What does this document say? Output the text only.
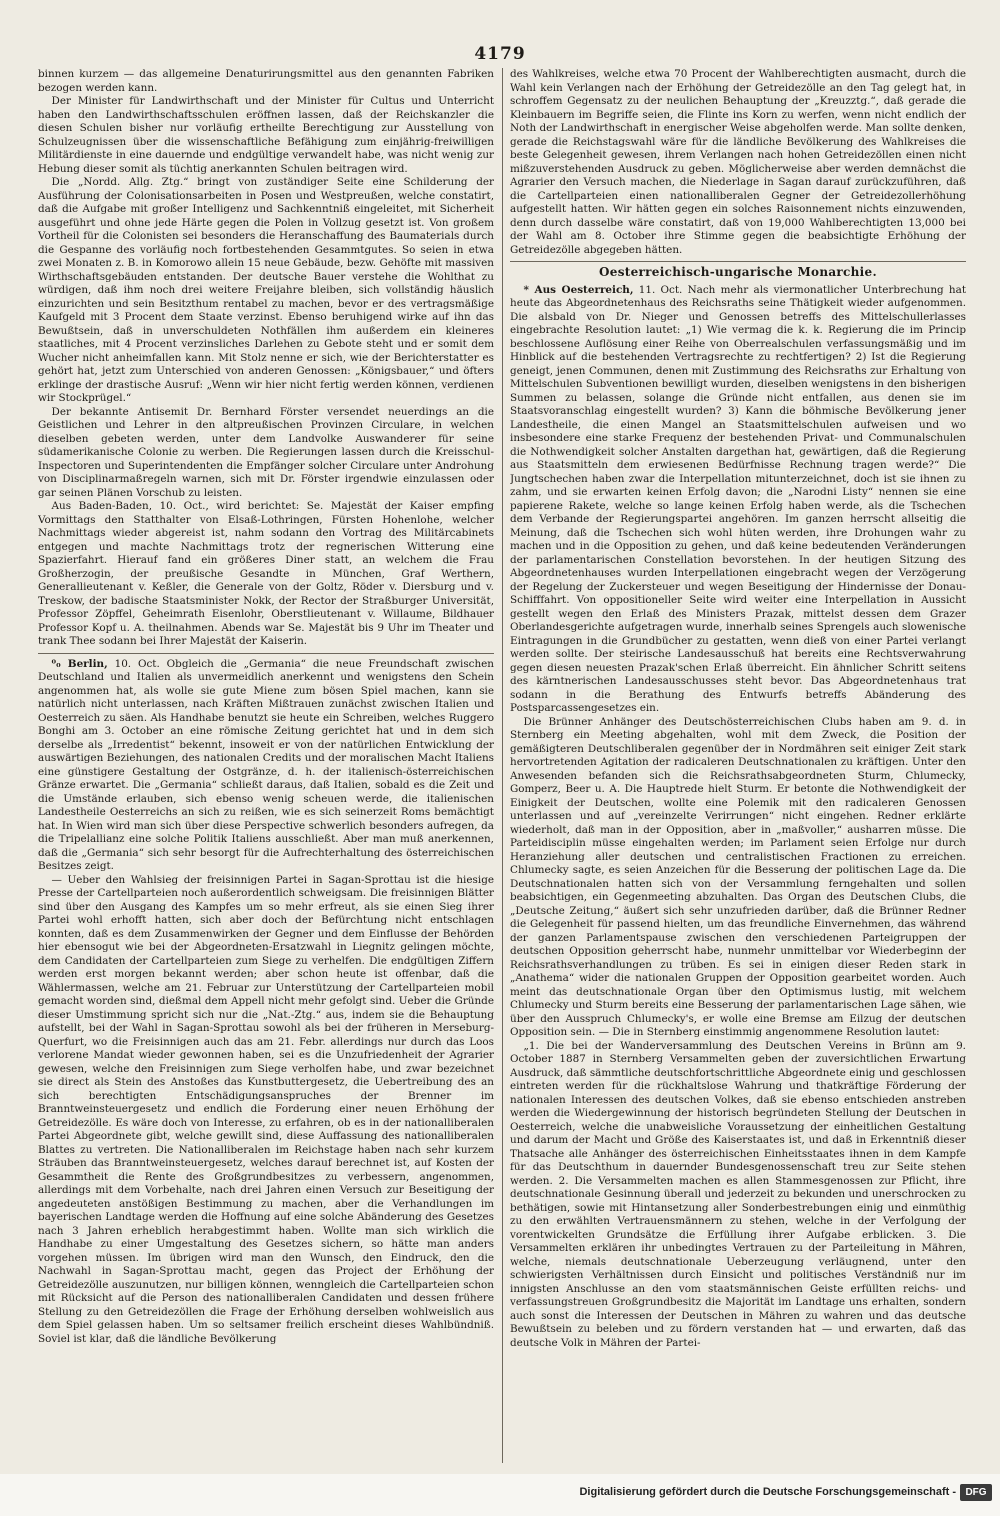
4179

binnen kurzem — das allgemeine Denaturirungsmittel aus den genannten Fabriken bezogen werden kann.

Der Minister für Landwirthschaft und der Minister für Cultus und Unterricht haben den Landwirthschaftsschulen eröffnen lassen, daß der Reichskanzler die diesen Schulen bisher nur vorläufig ertheilte Berechtigung zur Ausstellung von Schulzeugnissen über die wissenschaftliche Befähigung zum einjährig-freiwilligen Militärdienste in eine dauernde und endgültige verwandelt habe, was nicht wenig zur Hebung dieser somit als tüchtig anerkannten Schulen beitragen wird.

Die „Nordd. Allg. Ztg.“ bringt von zuständiger Seite eine Schilderung der Ausführung der Colonisationsarbeiten in Posen und Westpreußen, welche constatirt, daß die Aufgabe mit großer Intelligenz und Sachkenntniß eingeleitet, mit Sicherheit ausgeführt und ohne jede Härte gegen die Polen in Vollzug gesetzt ist. Von großem Vortheil für die Colonisten sei besonders die Heranschaffung des Baumaterials durch die Gespanne des vorläufig noch fortbestehenden Gesammtgutes. So seien in etwa zwei Monaten z. B. in Komorowo allein 15 neue Gebäude, bezw. Gehöfte mit massiven Wirthschaftsgebäuden entstanden. Der deutsche Bauer verstehe die Wohlthat zu würdigen, daß ihm noch drei weitere Freijahre bleiben, sich vollständig häuslich einzurichten und sein Besitzthum rentabel zu machen, bevor er des vertragsmäßige Kaufgeld mit 3 Procent dem Staate verzinst. Ebenso beruhigend wirke auf ihn das Bewußtsein, daß in unverschuldeten Nothfällen ihm außerdem ein kleineres staatliches, mit 4 Procent verzinsliches Darlehen zu Gebote steht und er somit dem Wucher nicht anheimfallen kann. Mit Stolz nenne er sich, wie der Berichterstatter es gehört hat, jetzt zum Unterschied von anderen Genossen: „Königsbauer,“ und öfters erklinge der drastische Ausruf: „Wenn wir hier nicht fertig werden können, verdienen wir Stockprügel.“

Der bekannte Antisemit Dr. Bernhard Förster versendet neuerdings an die Geistlichen und Lehrer in den altpreußischen Provinzen Circulare, in welchen dieselben gebeten werden, unter dem Landvolke Auswanderer für seine südamerikanische Colonie zu werben. Die Regierungen lassen durch die Kreisschul-Inspectoren und Superintendenten die Empfänger solcher Circulare unter Androhung von Disciplinarmaßregeln warnen, sich mit Dr. Förster irgendwie einzulassen oder gar seinen Plänen Vorschub zu leisten.

Aus Baden-Baden, 10. Oct., wird berichtet: Se. Majestät der Kaiser empfing Vormittags den Statthalter von Elsaß-Lothringen, Fürsten Hohenlohe, welcher Nachmittags wieder abgereist ist, nahm sodann den Vortrag des Militärcabinets entgegen und machte Nachmittags trotz der regnerischen Witterung eine Spazierfahrt. Hierauf fand ein größeres Diner statt, an welchem die Frau Großherzogin, der preußische Gesandte in München, Graf Werthern, Generallieutenant v. Keßler, die Generale von der Goltz, Röder v. Diersburg und v. Treskow, der badische Staatsminister Nokk, der Rector der Straßburger Universität, Professor Zöpffel, Geheimrath Eisenlohr, Oberstlieutenant v. Willaume, Bildhauer Professor Kopf u. A. theilnahmen. Abends war Se. Majestät bis 9 Uhr im Theater und trank Thee sodann bei Ihrer Majestät der Kaiserin.

⁰₀ Berlin, 10. Oct. Obgleich die „Germania“ die neue Freundschaft zwischen Deutschland und Italien als unvermeidlich anerkennt und wenigstens den Schein angenommen hat, als wolle sie gute Miene zum bösen Spiel machen, kann sie natürlich nicht unterlassen, nach Kräften Mißtrauen zunächst zwischen Italien und Oesterreich zu säen. Als Handhabe benutzt sie heute ein Schreiben, welches Ruggero Bonghi am 3. October an eine römische Zeitung gerichtet hat und in dem sich derselbe als „Irredentist“ bekennt, insoweit er von der natürlichen Entwicklung der auswärtigen Beziehungen, des nationalen Credits und der moralischen Macht Italiens eine günstigere Gestaltung der Ostgränze, d. h. der italienisch-österreichischen Gränze erwartet. Die „Germania“ schließt daraus, daß Italien, sobald es die Zeit und die Umstände erlauben, sich ebenso wenig scheuen werde, die italienischen Landestheile Oesterreichs an sich zu reißen, wie es sich seinerzeit Roms bemächtigt hat. In Wien wird man sich über diese Perspective schwerlich besonders aufregen, da die Tripelallianz eine solche Politik Italiens ausschließt. Aber man muß anerkennen, daß die „Germania“ sich sehr besorgt für die Aufrechterhaltung des österreichischen Besitzes zeigt.

— Ueber den Wahlsieg der freisinnigen Partei in Sagan-Sprottau ist die hiesige Presse der Cartellparteien noch außerordentlich schweigsam. Die freisinnigen Blätter sind über den Ausgang des Kampfes um so mehr erfreut, als sie einen Sieg ihrer Partei wohl erhofft hatten, sich aber doch der Befürchtung nicht entschlagen konnten, daß es dem Zusammenwirken der Gegner und dem Einflusse der Behörden hier ebensogut wie bei der Abgeordneten-Ersatzwahl in Liegnitz gelingen möchte, dem Candidaten der Cartellparteien zum Siege zu verhelfen. Die endgültigen Ziffern werden erst morgen bekannt werden; aber schon heute ist offenbar, daß die Wählermassen, welche am 21. Februar zur Unterstützung der Cartellparteien mobil gemacht worden sind, dießmal dem Appell nicht mehr gefolgt sind. Ueber die Gründe dieser Umstimmung spricht sich nur die „Nat.-Ztg.“ aus, indem sie die Behauptung aufstellt, bei der Wahl in Sagan-Sprottau sowohl als bei der früheren in Merseburg-Querfurt, wo die Freisinnigen auch das am 21. Febr. allerdings nur durch das Loos verlorene Mandat wieder gewonnen haben, sei es die Unzufriedenheit der Agrarier gewesen, welche den Freisinnigen zum Siege verholfen habe, und zwar bezeichnet sie direct als Stein des Anstoßes das Kunstbuttergesetz, die Uebertreibung des an sich berechtigten Entschädigungsanspruches der Brenner im Branntweinsteuergesetz und endlich die Forderung einer neuen Erhöhung der Getreidezölle. Es wäre doch von Interesse, zu erfahren, ob es in der nationalliberalen Partei Abgeordnete gibt, welche gewillt sind, diese Auffassung des nationalliberalen Blattes zu vertreten. Die Nationalliberalen im Reichstage haben nach sehr kurzem Sträuben das Branntweinsteuergesetz, welches darauf berechnet ist, auf Kosten der Gesammtheit die Rente des Großgrundbesitzes zu verbessern, angenommen, allerdings mit dem Vorbehalte, nach drei Jahren einen Versuch zur Beseitigung der angedeuteten anstößigen Bestimmung zu machen, aber die Verhandlungen im bayerischen Landtage werden die Hoffnung auf eine solche Abänderung des Gesetzes nach 3 Jahren erheblich herabgestimmt haben. Wollte man sich wirklich die Handhabe zu einer Umgestaltung des Gesetzes sichern, so hätte man anders vorgehen müssen. Im übrigen wird man den Wunsch, den Eindruck, den die Nachwahl in Sagan-Sprottau macht, gegen das Project der Erhöhung der Getreidezölle auszunutzen, nur billigen können, wenngleich die Cartellparteien schon mit Rücksicht auf die Person des nationalliberalen Candidaten und dessen frühere Stellung zu den Getreidezöllen die Frage der Erhöhung derselben wohlweislich aus dem Spiel gelassen haben. Um so seltsamer freilich erscheint dieses Wahlbündniß. Soviel ist klar, daß die ländliche Bevölkerung

des Wahlkreises, welche etwa 70 Procent der Wahlberechtigten ausmacht, durch die Wahl kein Verlangen nach der Erhöhung der Getreidezölle an den Tag gelegt hat, in schroffem Gegensatz zu der neulichen Behauptung der „Kreuzztg.“, daß gerade die Kleinbauern im Begriffe seien, die Flinte ins Korn zu werfen, wenn nicht endlich der Noth der Landwirthschaft in energischer Weise abgeholfen werde. Man sollte denken, gerade die Reichstagswahl wäre für die ländliche Bevölkerung des Wahlkreises die beste Gelegenheit gewesen, ihrem Verlangen nach hohen Getreidezöllen einen nicht mißzuverstehenden Ausdruck zu geben. Möglicherweise aber werden demnächst die Agrarier den Versuch machen, die Niederlage in Sagan darauf zurückzuführen, daß die Cartellparteien einen nationalliberalen Gegner der Getreidezollerhöhung aufgestellt hatten. Wir hätten gegen ein solches Raisonnement nichts einzuwenden, denn durch dasselbe wäre constatirt, daß von 19,000 Wahlberechtigten 13,000 bei der Wahl am 8. October ihre Stimme gegen die beabsichtigte Erhöhung der Getreidezölle abgegeben hätten.

Oesterreichisch-ungarische Monarchie.

* Aus Oesterreich, 11. Oct. Nach mehr als viermonatlicher Unterbrechung hat heute das Abgeordnetenhaus des Reichsraths seine Thätigkeit wieder aufgenommen. Die alsbald von Dr. Nieger und Genossen betreffs des Mittelschullerlasses eingebrachte Resolution lautet: „1) Wie vermag die k. k. Regierung die im Princip beschlossene Auflösung einer Reihe von Oberrealschulen verfassungsmäßig und im Hinblick auf die bestehenden Vertragsrechte zu rechtfertigen? 2) Ist die Regierung geneigt, jenen Communen, denen mit Zustimmung des Reichsraths zur Erhaltung von Mittelschulen Subventionen bewilligt wurden, dieselben wenigstens in den bisherigen Summen zu belassen, solange die Gründe nicht entfallen, aus denen sie im Staatsvoranschlag eingestellt wurden? 3) Kann die böhmische Bevölkerung jener Landestheile, die einen Mangel an Staatsmittelschulen aufweisen und wo insbesondere eine starke Frequenz der bestehenden Privat- und Communalschulen die Nothwendigkeit solcher Anstalten dargethan hat, gewärtigen, daß die Regierung aus Staatsmitteln dem erwiesenen Bedürfnisse Rechnung tragen werde?“ Die Jungtschechen haben zwar die Interpellation mitunterzeichnet, doch ist sie ihnen zu zahm, und sie erwarten keinen Erfolg davon; die „Narodni Listy“ nennen sie eine papierene Rakete, welche so lange keinen Erfolg haben werde, als die Tschechen dem Verbande der Regierungspartei angehören. Im ganzen herrscht allseitig die Meinung, daß die Tschechen sich wohl hüten werden, ihre Drohungen wahr zu machen und in die Opposition zu gehen, und daß keine bedeutenden Veränderungen der parlamentarischen Constellation bevorstehen. In der heutigen Sitzung des Abgeordnetenhauses wurden Interpellationen eingebracht wegen der Verzögerung der Regelung der Zuckersteuer und wegen Beseitigung der Hindernisse der Donau-Schifffahrt. Von oppositioneller Seite wird weiter eine Interpellation in Aussicht gestellt wegen den Erlaß des Ministers Prazak, mittelst dessen dem Grazer Oberlandesgerichte aufgetragen wurde, innerhalb seines Sprengels auch slowenische Eintragungen in die Grundbücher zu gestatten, wenn dieß von einer Partei verlangt werden sollte. Der steirische Landesausschuß hat bereits eine Rechtsverwahrung gegen diesen neuesten Prazak'schen Erlaß überreicht. Ein ähnlicher Schritt seitens des kärntnerischen Landesausschusses steht bevor. Das Abgeordnetenhaus trat sodann in die Berathung des Entwurfs betreffs Abänderung des Postsparcassengesetzes ein.

Die Brünner Anhänger des Deutschösterreichischen Clubs haben am 9. d. in Sternberg ein Meeting abgehalten, wohl mit dem Zweck, die Position der gemäßigteren Deutschliberalen gegenüber der in Nordmähren seit einiger Zeit stark hervortretenden Agitation der radicaleren Deutschnationalen zu kräftigen. Unter den Anwesenden befanden sich die Reichsrathsabgeordneten Sturm, Chlumecky, Gomperz, Beer u. A. Die Hauptrede hielt Sturm. Er betonte die Nothwendigkeit der Einigkeit der Deutschen, wollte eine Polemik mit den radicaleren Genossen unterlassen und auf „vereinzelte Verirrungen“ nicht eingehen. Redner erklärte wiederholt, daß man in der Opposition, aber in „maßvoller,“ ausharren müsse. Die Parteidisciplin müsse eingehalten werden; im Parlament seien Erfolge nur durch Heranziehung aller deutschen und centralistischen Fractionen zu erreichen. Chlumecky sagte, es seien Anzeichen für die Besserung der politischen Lage da. Die Deutschnationalen hatten sich von der Versammlung ferngehalten und sollen beabsichtigen, ein Gegenmeeting abzuhalten. Das Organ des Deutschen Clubs, die „Deutsche Zeitung,“ äußert sich sehr unzufrieden darüber, daß die Brünner Redner die Gelegenheit für passend hielten, um das freundliche Einvernehmen, das während der ganzen Parlamentspause zwischen den verschiedenen Parteigruppen der deutschen Opposition geherrscht habe, nunmehr unmittelbar vor Wiederbeginn der Reichsrathsverhandlungen zu trüben. Es sei in einigen dieser Reden stark in „Anathema“ wider die nationalen Gruppen der Opposition gearbeitet worden. Auch meint das deutschnationale Organ über den Optimismus lustig, mit welchem Chlumecky und Sturm bereits eine Besserung der parlamentarischen Lage sähen, wie über den Ausspruch Chlumecky's, er wolle eine Bremse am Eilzug der deutschen Opposition sein. — Die in Sternberg einstimmig angenommene Resolution lautet:

„1. Die bei der Wanderversammlung des Deutschen Vereins in Brünn am 9. October 1887 in Sternberg Versammelten geben der zuversichtlichen Erwartung Ausdruck, daß sämmtliche deutschfortschrittliche Abgeordnete einig und geschlossen eintreten werden für die rückhaltslose Wahrung und thatkräftige Förderung der nationalen Interessen des deutschen Volkes, daß sie ebenso entschieden anstreben werden die Wiedergewinnung der historisch begründeten Stellung der Deutschen in Oesterreich, welche die unabweisliche Voraussetzung der einheitlichen Gestaltung und darum der Macht und Größe des Kaiserstaates ist, und daß in Erkenntniß dieser Thatsache alle Anhänger des österreichischen Einheitsstaates ihnen in dem Kampfe für das Deutschthum in dauernder Bundesgenossenschaft treu zur Seite stehen werden. 2. Die Versammelten machen es allen Stammesgenossen zur Pflicht, ihre deutschnationale Gesinnung überall und jederzeit zu bekunden und unerschrocken zu bethätigen, sowie mit Hintansetzung aller Sonderbestrebungen einig und einmüthig zu den erwählten Vertrauensmännern zu stehen, welche in der Verfolgung der vorentwickelten Grundsätze die Erfüllung ihrer Aufgabe erblicken. 3. Die Versammelten erklären ihr unbedingtes Vertrauen zu der Parteileitung in Mähren, welche, niemals deutschnationale Ueberzeugung verläugnend, unter den schwierigsten Verhältnissen durch Einsicht und politisches Verständniß nur im innigsten Anschlusse an den vom staatsmännischen Geiste erfüllten reichs- und verfassungstreuen Großgrundbesitz die Majorität im Landtage uns erhalten, sondern auch sonst die Interessen der Deutschen in Mähren zu wahren und das deutsche Bewußtsein zu beleben und zu fördern verstanden hat — und erwarten, daß das deutsche Volk in Mähren der Partei-

Digitalisierung gefördert durch die Deutsche Forschungsgemeinschaft - DFG
